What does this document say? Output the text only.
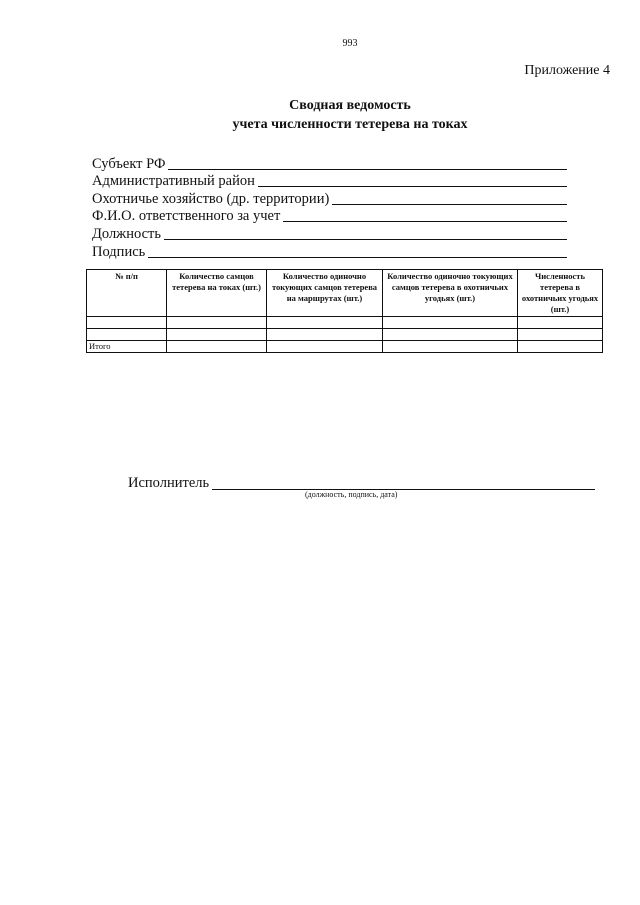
993
Приложение 4
Сводная ведомость
учета численности тетерева на токах
Субъект РФ
Административный район
Охотничье хозяйство (др. территории)
Ф.И.О. ответственного за учет
Должность
Подпись
№ п/п	Количество самцов тетерева на токах (шт.)	Количество одиночно токующих самцов тетерева на маршрутах (шт.)	Количество одиночно токующих самцов тетерева в охотничьих угодьях (шт.)	Численность тетерева в охотничьих угодьях (шт.)

Итого				
Исполнитель
(должность, подпись, дата)
